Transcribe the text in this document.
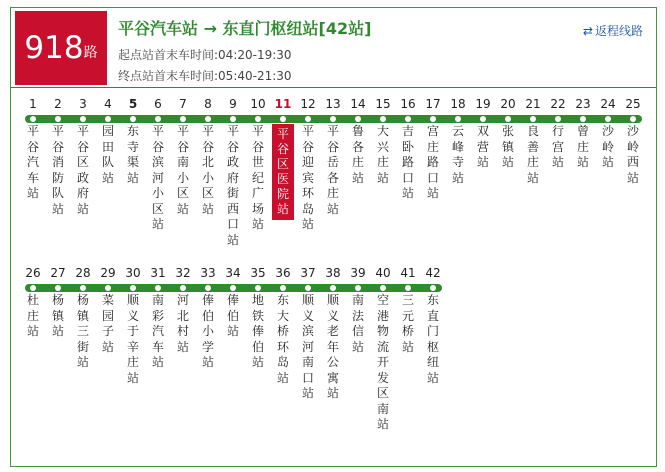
918 路
平谷汽车站 → 东直门枢纽站[42站]
起点站首末车时间:04:20-19:30
终点站首末车时间:05:40-21:30
⇄ 返程线路
1
平谷汽车站
2
平谷消防队站
3
平谷区政府站
4
园田队站
5
东寺渠站
6
平谷滨河小区站
7
平谷南小区站
8
平谷北小区站
9
平谷政府街西口站
10
平谷世纪广场站
11
平谷区医院站
12
平谷迎宾环岛站
13
平谷岳各庄站
14
鲁各庄站
15
大兴庄站
16
吉卧路口站
17
宫庄路口站
18
云峰寺站
19
双营站
20
张镇站
21
良善庄站
22
行宫站
23
曾庄站
24
沙岭站
25
沙岭西站
26
杜庄站
27
杨镇站
28
杨镇三街站
29
菜园子站
30
顺义于辛庄站
31
南彩汽车站
32
河北村站
33
俸伯小学站
34
俸伯站
35
地铁俸伯站
36
东大桥环岛站
37
顺义滨河南口站
38
顺义老年公寓站
39
南法信站
40
空港物流开发区南站
41
三元桥站
42
东直门枢纽站
